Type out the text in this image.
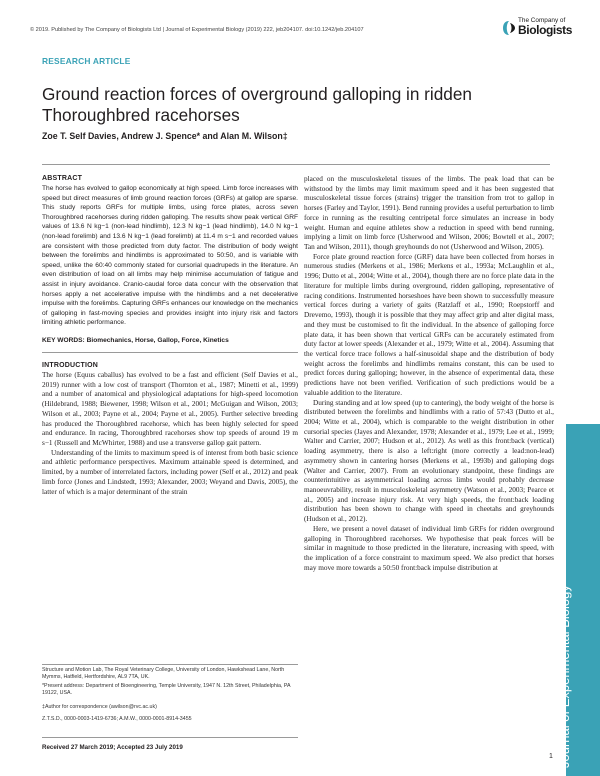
© 2019. Published by The Company of Biologists Ltd | Journal of Experimental Biology (2019) 222, jeb204107. doi:10.1242/jeb.204107
The Company of
Biologists
RESEARCH ARTICLE
Ground reaction forces of overground galloping in ridden Thoroughbred racehorses
Zoe T. Self Davies, Andrew J. Spence* and Alan M. Wilson‡
ABSTRACT

The horse has evolved to gallop economically at high speed. Limb force increases with speed but direct measures of limb ground reaction forces (GRFs) at gallop are sparse. This study reports GRFs for multiple limbs, using force plates, across seven Thoroughbred racehorses during ridden galloping. The results show peak vertical GRF values of 13.6 N kg−1 (non-lead hindlimb), 12.3 N kg−1 (lead hindlimb), 14.0 N kg−1 (non-lead forelimb) and 13.6 N kg−1 (lead forelimb) at 11.4 m s−1 and recorded values are consistent with those predicted from duty factor. The distribution of body weight between the forelimbs and hindlimbs is approximated to 50:50, and is variable with speed, unlike the 60:40 commonly stated for cursorial quadrupeds in the literature. An even distribution of load on all limbs may help minimise accumulation of fatigue and assist in injury avoidance. Cranio-caudal force data concur with the observation that horses apply a net accelerative impulse with the hindlimbs and a net decelerative impulse with the forelimbs. Capturing GRFs enhances our knowledge on the mechanics of galloping in fast-moving species and provides insight into injury risk and factors limiting athletic performance.

KEY WORDS: Biomechanics, Horse, Gallop, Force, Kinetics

INTRODUCTION

The horse (Equus caballus) has evolved to be a fast and efficient (Self Davies et al., 2019) runner with a low cost of transport (Thornton et al., 1987; Minetti et al., 1999) and a number of anatomical and physiological adaptations for high-speed locomotion (Hildebrand, 1988; Biewener, 1998; Wilson et al., 2001; McGuigan and Wilson, 2003; Wilson et al., 2003; Payne et al., 2004; Payne et al., 2005). Further selective breeding has produced the Thoroughbred racehorse, which has been highly selected for speed and endurance. In racing, Thoroughbred racehorses show top speeds of around 19 m s−1 (Russell and McWhirter, 1988) and use a transverse gallop gait pattern.

Understanding of the limits to maximum speed is of interest from both basic science and athletic performance perspectives. Maximum attainable speed is determined, and limited, by a number of interrelated factors, including power (Self et al., 2012) and peak limb force (Jones and Lindstedt, 1993; Alexander, 2003; Weyand and Davis, 2005), the latter of which is a major determinant of the strain

Structure and Motion Lab, The Royal Veterinary College, University of London, Hawkshead Lane, North Mymms, Hatfield, Hertfordshire, AL9 7TA, UK.

*Present address: Department of Bioengineering, Temple University, 1947 N. 12th Street, Philadelphia, PA 19122, USA.

‡Author for correspondence (awilson@rvc.ac.uk)

Z.T.S.D., 0000-0003-1419-6736; A.M.W., 0000-0001-8914-3455

Received 27 March 2019; Accepted 23 July 2019

placed on the musculoskeletal tissues of the limbs. The peak load that can be withstood by the limbs may limit maximum speed and it has been suggested that musculoskeletal tissue forces (strains) trigger the transition from trot to gallop in horses (Farley and Taylor, 1991). Bend running provides a useful perturbation to limb force in running as the resulting centripetal force simulates an increase in body weight. Human and equine athletes show a reduction in speed with bend running, implying a limit on limb force (Usherwood and Wilson, 2006; Bowtell et al., 2007; Tan and Wilson, 2011), though greyhounds do not (Usherwood and Wilson, 2005).

Force plate ground reaction force (GRF) data have been collected from horses in numerous studies (Merkens et al., 1986; Merkens et al., 1993a; McLaughlin et al., 1996; Dutto et al., 2004; Witte et al., 2004), though there are no force plate data in the literature for multiple limbs during overground, ridden galloping, representative of racing conditions. Instrumented horseshoes have been shown to successfully measure vertical forces during a variety of gaits (Ratzlaff et al., 1990; Roepstorff and Drevemo, 1993), though it is possible that they may affect grip and alter digital mass, and they must be customised to fit the individual. In the absence of galloping force plate data, it has been shown that vertical GRFs can be accurately estimated from duty factor at lower speeds (Alexander et al., 1979; Witte et al., 2004). Assuming that the vertical force trace follows a half-sinusoidal shape and the distribution of body weight across the forelimbs and hindlimbs remains constant, this can be used to predict forces during galloping; however, in the absence of experimental data, these predictions have not been verified. Verification of such predictions would be a valuable addition to the literature.

During standing and at low speed (up to cantering), the body weight of the horse is distributed between the forelimbs and hindlimbs with a ratio of 57:43 (Dutto et al., 2004; Witte et al., 2004), which is comparable to the weight distribution in other cursorial species (Jayes and Alexander, 1978; Alexander et al., 1979; Lee et al., 1999; Walter and Carrier, 2007; Hudson et al., 2012). As well as this front:back (vertical) loading asymmetry, there is also a left:right (more correctly a lead:non-lead) asymmetry shown in cantering horses (Merkens et al., 1993b) and galloping dogs (Walter and Carrier, 2007). From an evolutionary standpoint, these findings are counterintuitive as asymmetrical loading across limbs would probably decrease manoeuvrability, result in musculoskeletal asymmetry (Watson et al., 2003; Pearce et al., 2005) and increase injury risk. At very high speeds, the front:back loading distribution has been shown to change with speed in cheetahs and greyhounds (Hudson et al., 2012).

Here, we present a novel dataset of individual limb GRFs for ridden overground galloping in Thoroughbred racehorses. We hypothesise that peak forces will be similar in magnitude to those predicted in the literature, increasing with speed, with the implication of a force constraint to maximum speed. We also predict that horses may move more towards a 50:50 front:back impulse distribution at

1 Journal of Experimental Biology
